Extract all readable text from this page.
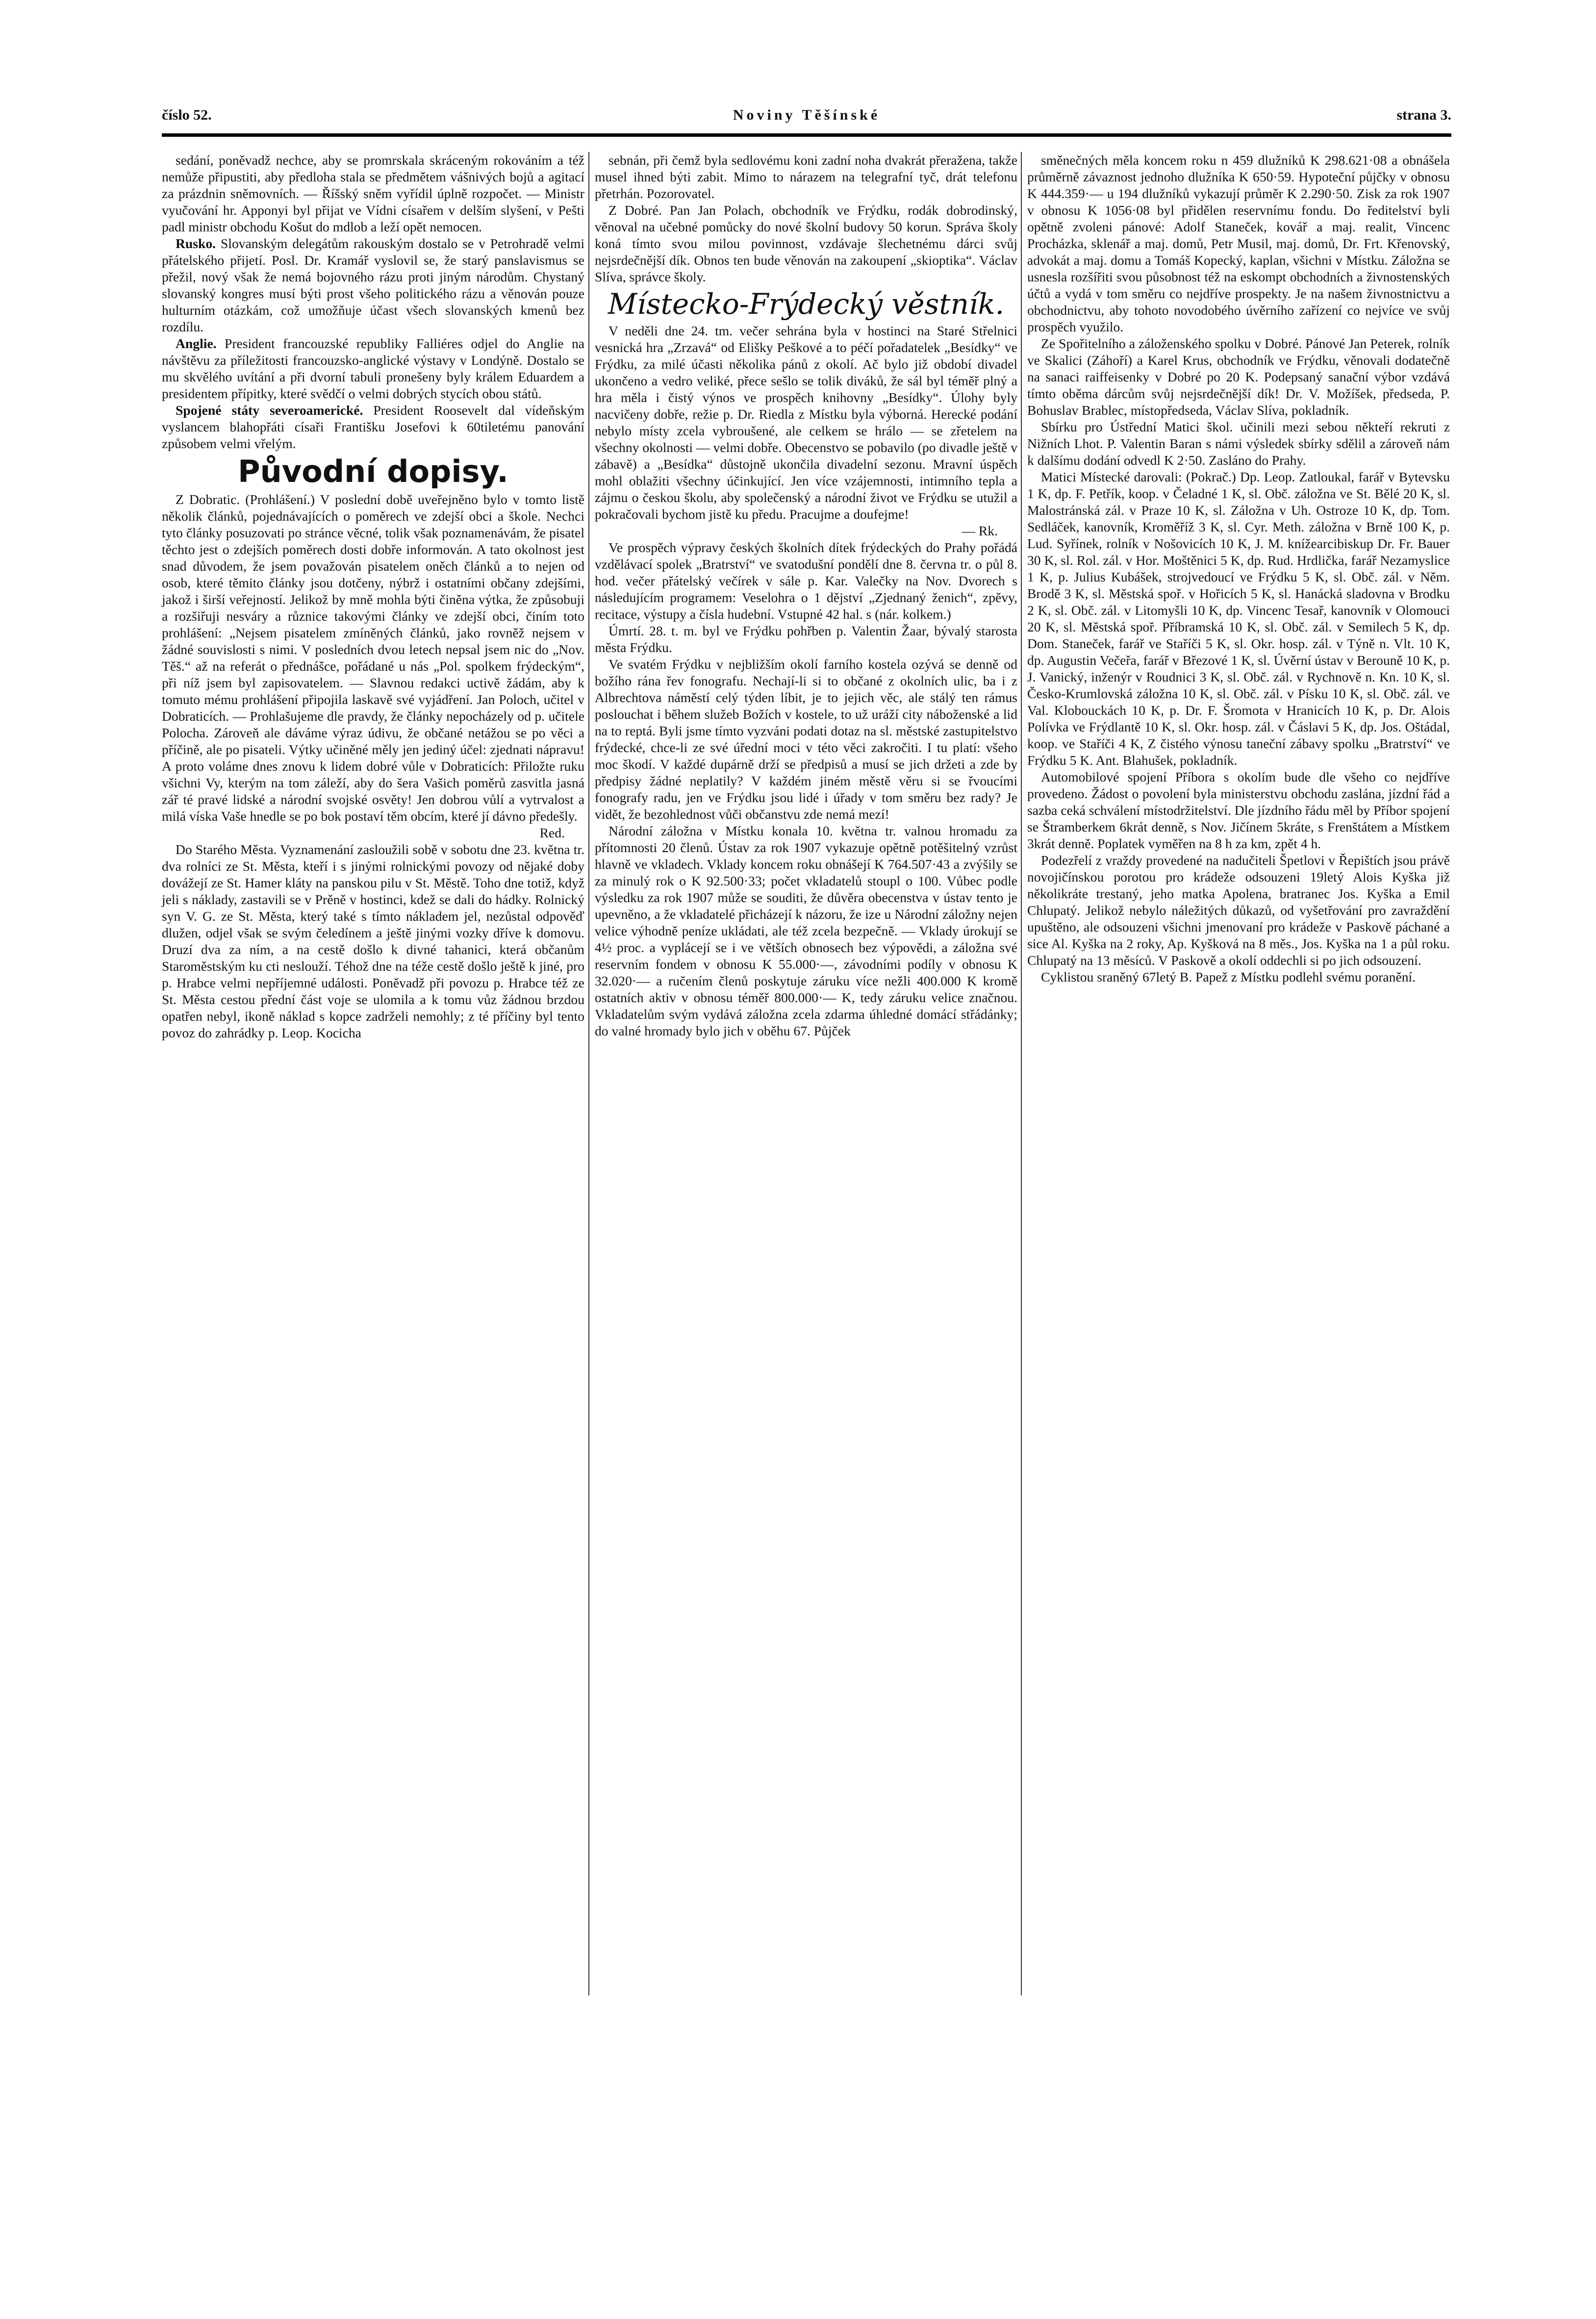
číslo 52.	Noviny Těšínské	strana 3.

sedání, poněvadž nechce, aby se promrskala skráceným rokováním a též nemůže připustiti, aby předloha stala se předmětem vášnivých bojů a agitací za prázdnin sněmovních. — Říšský sněm vyřídil úplně rozpočet. — Ministr vyučování hr. Apponyi byl přijat ve Vídni císařem v delším slyšení, v Pešti padl ministr obchodu Košut do mdlob a leží opět nemocen.

Rusko. Slovanským delegátům rakouským dostalo se v Petrohradě velmi přátelského přijetí. Posl. Dr. Kramář vyslovil se, že starý panslavismus se přežil, nový však že nemá bojovného rázu proti jiným národům. Chystaný slovanský kongres musí býti prost všeho politického rázu a věnován pouze hulturním otázkám, což umožňuje účast všech slovanských kmenů bez rozdílu.

Anglie. President francouzské republiky Falliéres odjel do Anglie na návštěvu za příležitosti francouzsko-anglické výstavy v Londýně. Dostalo se mu skvělého uvítání a při dvorní tabuli pronešeny byly králem Eduardem a presidentem přípitky, které svědčí o velmi dobrých stycích obou států.

Spojené státy severoamerické. President Roosevelt dal vídeňským vyslancem blahopřáti císaři Františku Josefovi k 60tiletému panování způsobem velmi vřelým.

Původní dopisy.

Z Dobratic. (Prohlášení.) V poslední době uveřejněno bylo v tomto listě několik článků, pojednávajících o poměrech ve zdejší obci a škole. Nechci tyto články posuzovati po stránce věcné, tolik však poznamenávám, že pisatel těchto jest o zdejších poměrech dosti dobře informován. A tato okolnost jest snad důvodem, že jsem považován pisatelem oněch článků a to nejen od osob, které těmito články jsou dotčeny, nýbrž i ostatními občany zdejšími, jakož i širší veřejností. Jelikož by mně mohla býti činěna výtka, že způsobuji a rozšiřuji nesváry a různice takovými články ve zdejší obci, činím toto prohlášení: „Nejsem pisatelem zmíněných článků, jako rovněž nejsem v žádné souvislosti s nimi. V posledních dvou letech nepsal jsem nic do „Nov. Těš.“ až na referát o přednášce, pořádané u nás „Pol. spolkem frýdeckým“, při níž jsem byl zapisovatelem. — Slavnou redakci uctivě žádám, aby k tomuto mému prohlášení připojila laskavě své vyjádření. Jan Poloch, učitel v Dobraticích. — Prohlašujeme dle pravdy, že články nepocházely od p. učitele Polocha. Zároveň ale dáváme výraz údivu, že občané netážou se po věci a příčině, ale po pisateli. Výtky učiněné měly jen jediný účel: zjednati nápravu! A proto voláme dnes znovu k lidem dobré vůle v Dobraticích: Přiložte ruku všichni Vy, kterým na tom záleží, aby do šera Vašich poměrů zasvitla jasná zář té pravé lidské a národní svojské osvěty! Jen dobrou vůlí a vytrvalost a milá víska Vaše hnedle se po bok postaví těm obcím, které jí dávno předešly.

Red.

Do Starého Města. Vyznamenání zasloužili sobě v sobotu dne 23. května tr. dva rolníci ze St. Města, kteří i s jinými rolnickými povozy od nějaké doby dovážejí ze St. Hamer kláty na panskou pilu v St. Městě. Toho dne totiž, když jeli s náklady, zastavili se v Prěně v hostinci, kdež se dali do hádky. Rolnický syn V. G. ze St. Města, který také s tímto nákladem jel, nezůstal odpověď dlužen, odjel však se svým čeledínem a ještě jinými vozky dříve k domovu. Druzí dva za ním, a na cestě došlo k divné tahanici, která občanům Staroměstským ku cti neslouží. Téhož dne na téže cestě došlo ještě k jiné, pro p. Hrabce velmi nepříjemné události. Poněvadž při povozu p. Hrabce též ze St. Města cestou přední část voje se ulomila a k tomu vůz žádnou brzdou opatřen nebyl, ikoně náklad s kopce zadrželi nemohly; z té příčiny byl tento povoz do zahrádky p. Leop. Kocicha

sebnán, při čemž byla sedlovému koni zadní noha dvakrát přeražena, takže musel ihned býti zabit. Mimo to nárazem na telegrafní tyč, drát telefonu přetrhán. Pozorovatel.

Z Dobré. Pan Jan Polach, obchodník ve Frýdku, rodák dobrodinský, věnoval na učebné pomůcky do nové školní budovy 50 korun. Správa školy koná tímto svou milou povinnost, vzdávaje šlechetnému dárci svůj nejsrdečnější dík. Obnos ten bude věnován na zakoupení „skioptika“. Václav Slíva, správce školy.

Místecko-Frýdecký věstník.

V neděli dne 24. tm. večer sehrána byla v hostinci na Staré Střelnici vesnická hra „Zrzavá“ od Elišky Peškové a to péčí pořadatelek „Besídky“ ve Frýdku, za milé účasti několika pánů z okolí. Ač bylo již období divadel ukončeno a vedro veliké, přece sešlo se tolik diváků, že sál byl téměř plný a hra měla i čistý výnos ve prospěch knihovny „Besídky“. Úlohy byly nacvičeny dobře, režie p. Dr. Riedla z Místku byla výborná. Herecké podání nebylo místy zcela vybroušené, ale celkem se hrálo — se zřetelem na všechny okolnosti — velmi dobře. Obecenstvo se pobavilo (po divadle ještě v zábavě) a „Besídka“ důstojně ukončila divadelní sezonu. Mravní úspěch mohl oblažiti všechny účinkující. Jen více vzájemnosti, intimního tepla a zájmu o českou školu, aby společenský a národní život ve Frýdku se utužil a pokračovali bychom jistě ku předu. Pracujme a doufejme!

— Rk.

Ve prospěch výpravy českých školních dítek frýdeckých do Prahy pořádá vzdělávací spolek „Bratrství“ ve svatodušní pondělí dne 8. června tr. o půl 8. hod. večer přátelský večírek v sále p. Kar. Valečky na Nov. Dvorech s následujícím programem: Veselohra o 1 dějství „Zjednaný ženich“, zpěvy, recitace, výstupy a čísla hudební. Vstupné 42 hal. s (nár. kolkem.)

Úmrtí. 28. t. m. byl ve Frýdku pohřben p. Valentin Žaar, bývalý starosta města Frýdku.

Ve svatém Frýdku v nejbližším okolí farního kostela ozývá se denně od božího rána řev fonografu. Nechají-li si to občané z okolních ulic, ba i z Albrechtova náměstí celý týden líbit, je to jejich věc, ale stálý ten rámus poslouchat i během služeb Božích v kostele, to už uráží city náboženské a lid na to reptá. Byli jsme tímto vyzváni podati dotaz na sl. městské zastupitelstvo frýdecké, chce-li ze své úřední moci v této věci zakročiti. I tu platí: všeho moc škodí. V každé dupárně drží se předpisů a musí se jich držeti a zde by předpisy žádné neplatily? V každém jiném městě věru si se řvoucími fonografy radu, jen ve Frýdku jsou lidé i úřady v tom směru bez rady? Je vidět, že bezohlednost vůči občanstvu zde nemá mezí!

Národní záložna v Místku konala 10. května tr. valnou hromadu za přítomnosti 20 členů. Ústav za rok 1907 vykazuje opětně potěšitelný vzrůst hlavně ve vkladech. Vklady koncem roku obnášejí K 764.507·43 a zvýšily se za minulý rok o K 92.500·33; počet vkladatelů stoupl o 100. Vůbec podle výsledku za rok 1907 může se souditi, že důvěra obecenstva v ústav tento je upevněno, a že vkladatelé přicházejí k názoru, že ize u Národní záložny nejen velice výhodně peníze ukládati, ale též zcela bezpečně. — Vklady úrokují se 4½ proc. a vyplácejí se i ve větších obnosech bez výpovědi, a záložna své reservním fondem v obnosu K 55.000·—, závodními podíly v obnosu K 32.020·— a ručením členů poskytuje záruku více nežli 400.000 K kromě ostatních aktiv v obnosu téměř 800.000·— K, tedy záruku velice značnou. Vkladatelům svým vydává záložna zcela zdarma úhledné domácí střádánky; do valné hromady bylo jich v oběhu 67. Půjček

směnečných měla koncem roku n 459 dlužníků K 298.621·08 a obnášela průměrně závaznost jednoho dlužníka K 650·59. Hypoteční půjčky v obnosu K 444.359·— u 194 dlužníků vykazují průměr K 2.290·50. Zisk za rok 1907 v obnosu K 1056·08 byl přidělen reservnímu fondu. Do ředitelství byli opětně zvoleni pánové: Adolf Staneček, kovář a maj. realit, Vincenc Procházka, sklenář a maj. domů, Petr Musil, maj. domů, Dr. Frt. Křenovský, advokát a maj. domu a Tomáš Kopecký, kaplan, všichni v Místku. Záložna se usnesla rozšířiti svou působnost též na eskompt obchodních a živnostenských účtů a vydá v tom směru co nejdříve prospekty. Je na našem živnostnictvu a obchodnictvu, aby tohoto novodobého úvěrního zařízení co nejvíce ve svůj prospěch využilo.

Ze Spořitelního a záloženského spolku v Dobré. Pánové Jan Peterek, rolník ve Skalici (Záhoří) a Karel Krus, obchodník ve Frýdku, věnovali dodatečně na sanaci raiffeisenky v Dobré po 20 K. Podepsaný sanační výbor vzdává tímto oběma dárcům svůj nejsrdečnější dík! Dr. V. Možíšek, předseda, P. Bohuslav Brablec, místopředseda, Václav Slíva, pokladník.

Sbírku pro Ústřední Matici škol. učinili mezi sebou někteří rekruti z Nižních Lhot. P. Valentin Baran s námi výsledek sbírky sdělil a zároveň nám k dalšímu dodání odvedl K 2·50. Zasláno do Prahy.

Matici Místecké darovali: (Pokrač.) Dp. Leop. Zatloukal, farář v Bytevsku 1 K, dp. F. Petřík, koop. v Čeladné 1 K, sl. Obč. záložna ve St. Bělé 20 K, sl. Malostránská zál. v Praze 10 K, sl. Záložna v Uh. Ostroze 10 K, dp. Tom. Sedláček, kanovník, Kroměříž 3 K, sl. Cyr. Meth. záložna v Brně 100 K, p. Lud. Syřínek, rolník v Nošovicích 10 K, J. M. knížearcibiskup Dr. Fr. Bauer 30 K, sl. Rol. zál. v Hor. Moštěnici 5 K, dp. Rud. Hrdlička, farář Nezamyslice 1 K, p. Julius Kubášek, strojvedoucí ve Frýdku 5 K, sl. Obč. zál. v Něm. Brodě 3 K, sl. Městská spoř. v Hořicích 5 K, sl. Hanácká sladovna v Brodku 2 K, sl. Obč. zál. v Litomyšli 10 K, dp. Vincenc Tesař, kanovník v Olomouci 20 K, sl. Městská spoř. Příbramská 10 K, sl. Obč. zál. v Semilech 5 K, dp. Dom. Staneček, farář ve Staříči 5 K, sl. Okr. hosp. zál. v Týně n. Vlt. 10 K, dp. Augustin Večeřa, farář v Březové 1 K, sl. Úvěrní ústav v Berouně 10 K, p. J. Vanický, inženýr v Roudnici 3 K, sl. Obč. zál. v Rychnově n. Kn. 10 K, sl. Česko-Krumlovská záložna 10 K, sl. Obč. zál. v Písku 10 K, sl. Obč. zál. ve Val. Klobouckách 10 K, p. Dr. F. Šromota v Hranicích 10 K, p. Dr. Alois Polívka ve Frýdlantě 10 K, sl. Okr. hosp. zál. v Čáslavi 5 K, dp. Jos. Oštádal, koop. ve Staříči 4 K, Z čistého výnosu taneční zábavy spolku „Bratrství“ ve Frýdku 5 K. Ant. Blahušek, pokladník.

Automobilové spojení Příbora s okolím bude dle všeho co nejdříve provedeno. Žádost o povolení byla ministerstvu obchodu zaslána, jízdní řád a sazba ceká schválení místodržitelství. Dle jízdního řádu měl by Příbor spojení se Štramberkem 6krát denně, s Nov. Jičínem 5kráte, s Frenštátem a Místkem 3krát denně. Poplatek vyměřen na 8 h za km, zpět 4 h.

Podezřelí z vraždy provedené na nadučiteli Špetlovi v Řepištích jsou právě novojičínskou porotou pro krádeže odsouzeni 19letý Alois Kyška již několikráte trestaný, jeho matka Apolena, bratranec Jos. Kyška a Emil Chlupatý. Jelikož nebylo náležitých důkazů, od vyšetřování pro zavraždění upuštěno, ale odsouzeni všichni jmenovaní pro krádeže v Paskově páchané a sice Al. Kyška na 2 roky, Ap. Kyšková na 8 měs., Jos. Kyška na 1 a půl roku. Chlupatý na 13 měsíců. V Paskově a okolí oddechli si po jich odsouzení.

Cyklistou sraněný 67letý B. Papež z Místku podlehl svému poranění.
